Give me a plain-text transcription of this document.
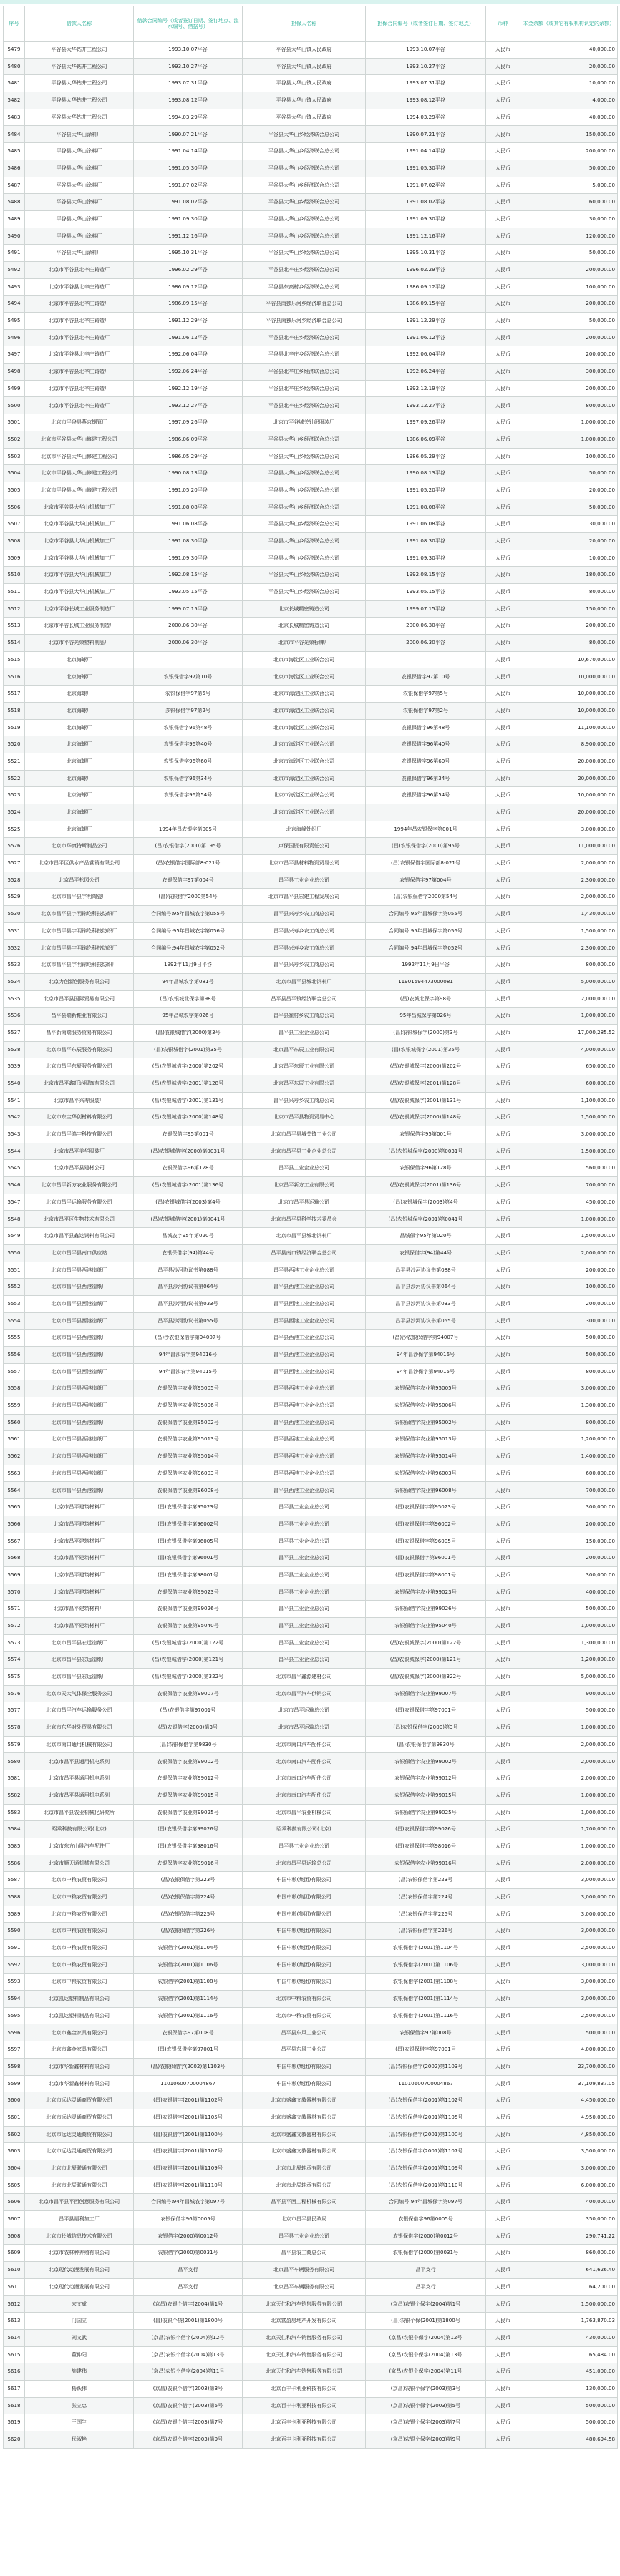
序号	借款人名称	借款合同编号（或者签订日期、签订地点、流水编号、借据号）	担保人名称	担保合同编号（或者签订日期、签订地点）	币种	本金余额（或其它有权机构认定的余额）
5479	平谷县大华钻井工程公司	1993.10.07平谷	平谷县大华山镇人民政府	1993.10.07平谷	人民币	40,000.00
5480	平谷县大华钻井工程公司	1993.10.27平谷	平谷县大华山镇人民政府	1993.10.27平谷	人民币	20,000.00
5481	平谷县大华钻井工程公司	1993.07.31平谷	平谷县大华山镇人民政府	1993.07.31平谷	人民币	10,000.00
5482	平谷县大华钻井工程公司	1993.08.12平谷	平谷县大华山镇人民政府	1993.08.12平谷	人民币	4,000.00
5483	平谷县大华钻井工程公司	1994.03.29平谷	平谷县大华山镇人民政府	1994.03.29平谷	人民币	40,000.00
5484	平谷县大华山涂料厂	1990.07.21平谷	平谷县大华山乡经济联合总公司	1990.07.21平谷	人民币	150,000.00
5485	平谷县大华山涂料厂	1991.04.14平谷	平谷县大华山乡经济联合总公司	1991.04.14平谷	人民币	200,000.00
5486	平谷县大华山涂料厂	1991.05.30平谷	平谷县大华山乡经济联合总公司	1991.05.30平谷	人民币	50,000.00
5487	平谷县大华山涂料厂	1991.07.02平谷	平谷县大华山乡经济联合总公司	1991.07.02平谷	人民币	5,000.00
5488	平谷县大华山涂料厂	1991.08.02平谷	平谷县大华山乡经济联合总公司	1991.08.02平谷	人民币	60,000.00
5489	平谷县大华山涂料厂	1991.09.30平谷	平谷县大华山乡经济联合总公司	1991.09.30平谷	人民币	30,000.00
5490	平谷县大华山涂料厂	1991.12.16平谷	平谷县大华山乡经济联合总公司	1991.12.16平谷	人民币	120,000.00
5491	平谷县大华山涂料厂	1995.10.31平谷	平谷县大华山乡经济联合总公司	1995.10.31平谷	人民币	50,000.00
5492	北京市平谷县北辛庄铸造厂	1996.02.29平谷	平谷县北辛庄乡经济联合总公司	1996.02.29平谷	人民币	200,000.00
5493	北京市平谷县北辛庄铸造厂	1986.09.12平谷	平谷县东高村乡经济联合总公司	1986.09.12平谷	人民币	100,000.00
5494	北京市平谷县北辛庄铸造厂	1986.09.15平谷	平谷县南独乐河乡经济联合总公司	1986.09.15平谷	人民币	200,000.00
5495	北京市平谷县北辛庄铸造厂	1991.12.29平谷	平谷县南独乐河乡经济联合总公司	1991.12.29平谷	人民币	50,000.00
5496	北京市平谷县北辛庄铸造厂	1991.06.12平谷	平谷县北辛庄乡经济联合总公司	1991.06.12平谷	人民币	200,000.00
5497	北京市平谷县北辛庄铸造厂	1992.06.04平谷	平谷县北辛庄乡经济联合总公司	1992.06.04平谷	人民币	200,000.00
5498	北京市平谷县北辛庄铸造厂	1992.06.24平谷	平谷县北辛庄乡经济联合总公司	1992.06.24平谷	人民币	300,000.00
5499	北京市平谷县北辛庄铸造厂	1992.12.19平谷	平谷县北辛庄乡经济联合总公司	1992.12.19平谷	人民币	200,000.00
5500	北京市平谷县北辛庄铸造厂	1993.12.27平谷	平谷县北辛庄乡经济联合总公司	1993.12.27平谷	人民币	800,000.00
5501	北京市平谷县燕京钢管厂	1997.09.26平谷	北京市平谷城关针织服装厂	1997.09.26平谷	人民币	1,000,000.00
5502	北京市平谷县大华山修建工程公司	1986.06.09平谷	平谷县大华山乡经济联合总公司	1986.06.09平谷	人民币	1,000,000.00
5503	北京市平谷县大华山修建工程公司	1986.05.29平谷	平谷县大华山乡经济联合总公司	1986.05.29平谷	人民币	100,000.00
5504	北京市平谷县大华山修建工程公司	1990.08.13平谷	平谷县大华山乡经济联合总公司	1990.08.13平谷	人民币	50,000.00
5505	北京市平谷县大华山修建工程公司	1991.05.20平谷	平谷县大华山乡经济联合总公司	1991.05.20平谷	人民币	20,000.00
5506	北京市平谷县大华山机械加工厂	1991.08.08平谷	平谷县大华山乡经济联合总公司	1991.08.08平谷	人民币	50,000.00
5507	北京市平谷县大华山机械加工厂	1991.06.08平谷	平谷县大华山乡经济联合总公司	1991.06.08平谷	人民币	30,000.00
5508	北京市平谷县大华山机械加工厂	1991.08.30平谷	平谷县大华山乡经济联合总公司	1991.08.30平谷	人民币	20,000.00
5509	北京市平谷县大华山机械加工厂	1991.09.30平谷	平谷县大华山乡经济联合总公司	1991.09.30平谷	人民币	10,000.00
5510	北京市平谷县大华山机械加工厂	1992.08.15平谷	平谷县大华山乡经济联合总公司	1992.08.15平谷	人民币	180,000.00
5511	北京市平谷县大华山机械加工厂	1993.05.15平谷	平谷县大华山乡经济联合总公司	1993.05.15平谷	人民币	80,000.00
5512	北京市平谷长城工业服务制造厂	1999.07.15平谷	北京长城精密铸造公司	1999.07.15平谷	人民币	150,000.00
5513	北京市平谷长城工业服务制造厂	2000.06.30平谷	北京长城精密铸造公司	2000.06.30平谷	人民币	200,000.00
5514	北京市平谷光荣塑料制品厂	2000.06.30平谷	北京市平谷光荣标牌厂	2000.06.30平谷	人民币	80,000.00
5515	北京海螺厂		北京市海淀区工业联合公司		人民币	10,670,000.00
5516	北京海螺厂	农银保借字97第10号	北京市海淀区工业联合公司	农银保借字97第10号	人民币	10,000,000.00
5517	北京海螺厂	农银保借字97第5号	北京市海淀区工业联合公司	农银保借字97第5号	人民币	10,000,000.00
5518	北京海螺厂	多银保借字97第2号	北京市海淀区工业联合公司	农银保借字97第2号	人民币	10,000,000.00
5519	北京海螺厂	农银保借字96第48号	北京市海淀区工业联合公司	农银保借字96第48号	人民币	11,100,000.00
5520	北京海螺厂	农银保借字96第40号	北京市海淀区工业联合公司	农银保借字96第40号	人民币	8,900,000.00
5521	北京海螺厂	农银保借字96第60号	北京市海淀区工业联合公司	农银保借字96第60号	人民币	20,000,000.00
5522	北京海螺厂	农银保借字96第34号	北京市海淀区工业联合公司	农银保借字96第34号	人民币	20,000,000.00
5523	北京海螺厂	农银保借字96第54号	北京市海淀区工业联合公司	农银保借字96第54号	人民币	10,000,000.00
5524	北京海螺厂		北京市海淀区工业联合公司		人民币	20,000,000.00
5525	北京海螺厂	1994年昌农银字第005号	北京海峰针织厂	1994年昌农银保字第001号	人民币	3,000,000.00
5526	北京市华康特斯制品公司	(昌)农银借字(2000)第195号	卢保国资有限责任公司	(昌)农银保借字(2000)第95号	人民币	11,000,000.00
5527	北京市昌平区供水产品营销有限公司	(昌)农银借字国际部8-021号	北京市昌平县材料物资贸易公司	(昌)农银保借字国际部8-021号	人民币	2,000,000.00
5528	北京昌平松园公司	农银保借字97第004号	昌平县工业企业总公司	农银保借字97第004号	人民币	2,300,000.00
5529	北京市昌平县宇明陶瓷厂	(昌)农银借字2000第54号	北京市昌平县宏建工程发展公司	(昌)农银保借字2000第54号	人民币	2,000,000.00
5530	北京市昌平县宇明锦纶科技纺织厂	合同编号:95年昌城农字第055号	昌平县兴寿乡农工商总公司	合同编号:95年昌城保字第055号	人民币	1,430,000.00
5531	北京市昌平县宇明锦纶科技纺织厂	合同编号:95年昌城农字第056号	昌平县兴寿乡农工商总公司	合同编号:95年昌城保字第056号	人民币	1,500,000.00
5532	北京市昌平县宇明锦纶科技纺织厂	合同编号:94年昌城农字第052号	昌平县兴寿乡农工商总公司	合同编号:94年昌城保字第052号	人民币	2,300,000.00
5533	北京市昌平县宇明锦纶科技纺织厂	1992年11月9日平谷	昌平县兴寿乡农工商总公司	1992年11月9日平谷	人民币	800,000.00
5534	北京力创新创服务有限公司	94年昌城农字第081号	北京市昌平县城北饲料厂	11901594473000081	人民币	5,000,000.00
5535	北京市昌平县国际贸易有限公司	(昌)农银城北保字第98号	昌平县昌平镇经济联合总公司	(昌)农城北保字第98号	人民币	2,000,000.00
5536	昌平县瑞新鞋业有限公司	95年昌城农字第026号	昌平县崔村乡农工商总公司	95年昌城保字第026号	人民币	1,000,000.00
5537	昌平新南瑞服务贸易有限公司	(昌)农银城借字(2000)第3号	昌平县工业企业总公司	(昌)农银城保字(2000)第3号	人民币	17,000,285.52
5538	北京市昌平东辰服务有限公司	(昌)农银城借字(2001)第35号	北京昌平东辰工业有限公司	(昌)农银城保字(2001)第35号	人民币	4,000,000.00
5539	北京市昌平东辰服务有限公司	(昌)农银城借字(2000)第202号	北京昌平东辰工业有限公司	(昌)农银城保字(2000)第202号	人民币	650,000.00
5540	北京市昌平鑫旺达服饰有限公司	(昌)农银城借字(2001)第128号	北京昌平东辰工业有限公司	(昌)农银城保字(2001)第128号	人民币	600,000.00
5541	北京市昌平兴寿服装厂	(昌)农银城借字(2001)第131号	昌平县兴寿乡农工商总公司	(昌)农银城保字(2001)第131号	人民币	1,100,000.00
5542	北京市东宝华创材料有限公司	(昌)农银城借字(2000)第148号	北京市昌平县物资贸易中心	(昌)农银城保字(2000)第148号	人民币	1,500,000.00
5543	北京市昌平鸿宇科技有限公司	农银保借字95第001号	北京市昌平县城关镇工业公司	农银保借字95第001号	人民币	3,000,000.00
5544	北京市昌平美华服装厂	(昌)农银城借字(2000)第0031号	北京市昌平县工业企业总公司	(昌)农银城保字(2000)第0031号	人民币	1,500,000.00
5545	北京市昌平县建材公司	农银保借字96第128号	昌平县工业企业总公司	农银保借字96第128号	人民币	560,000.00
5546	北京市昌平新方农业服务有限公司	(昌)农银城借字(2001)第136号	北京昌平新方工业有限公司	(昌)农银城保字(2001)第136号	人民币	700,000.00
5547	北京市昌平运输服务有限公司	(昌)农银城借字(2003)第4号	北京市昌平县运输公司	(昌)农银城保字(2003)第4号	人民币	450,000.00
5548	北京市昌平区生物技术有限公司	(昌)农银城借字(2001)第0041号	北京市昌平县科学技术委员会	(昌)农银城保字(2001)第0041号	人民币	1,000,000.00
5549	北京市昌平县鑫达饲料有限公司	昌城农字95年第020号	北京市昌平县城北饲料厂	昌城保字95年第020号	人民币	1,500,000.00
5550	北京市昌平县南口供应站	农银保借字(94)第44号	昌平县南口镇经济联合总公司	农银保借字(94)第44号	人民币	2,000,000.00
5551	北京市昌平县西港造纸厂	昌平县沙河协议书第088号	昌平县西港工业企业总公司	昌平县沙河协议书第088号	人民币	200,000.00
5552	北京市昌平县西港造纸厂	昌平县沙河协议书第064号	昌平县西港工业企业总公司	昌平县沙河协议书第064号	人民币	100,000.00
5553	北京市昌平县西港造纸厂	昌平县沙河协议书第033号	昌平县西港工业企业总公司	昌平县沙河协议书第033号	人民币	200,000.00
5554	北京市昌平县西港造纸厂	昌平县沙河协议书第055号	昌平县西港工业企业总公司	昌平县沙河协议书第055号	人民币	300,000.00
5555	北京市昌平县西港造纸厂	(昌)沙农银保借字第94007号	昌平县西港工业企业总公司	(昌)沙农银保借字第94007号	人民币	500,000.00
5556	北京市昌平县西港造纸厂	94年昌沙农字第94016号	昌平县西港工业企业总公司	94年昌沙保字第94016号	人民币	500,000.00
5557	北京市昌平县西港造纸厂	94年昌沙农字第94015号	昌平县西港工业企业总公司	94年昌沙保字第94015号	人民币	800,000.00
5558	北京市昌平县西港造纸厂	农银保借字农业第95005号	昌平县西港工业企业总公司	农银保借字农业第95005号	人民币	3,000,000.00
5559	北京市昌平县西港造纸厂	农银保借字农业第95006号	昌平县西港工业企业总公司	农银保借字农业第95006号	人民币	1,300,000.00
5560	北京市昌平县西港造纸厂	农银保借字农业第95002号	昌平县西港工业企业总公司	农银保借字农业第95002号	人民币	800,000.00
5561	北京市昌平县西港造纸厂	农银保借字农业第95013号	昌平县西港工业企业总公司	农银保借字农业第95013号	人民币	1,200,000.00
5562	北京市昌平县西港造纸厂	农银保借字农业第95014号	昌平县西港工业企业总公司	农银保借字农业第95014号	人民币	1,400,000.00
5563	北京市昌平县西港造纸厂	农银保借字农业第96003号	昌平县西港工业企业总公司	农银保借字农业第96003号	人民币	600,000.00
5564	北京市昌平县西港造纸厂	农银保借字农业第96008号	昌平县西港工业企业总公司	农银保借字农业第96008号	人民币	700,000.00
5565	北京市昌平建筑材料厂	(昌)农银保借字第95023号	昌平县工业企业总公司	(昌)农银保借字第95023号	人民币	300,000.00
5566	北京市昌平建筑材料厂	(昌)农银保借字第96002号	昌平县工业企业总公司	(昌)农银保借字第96002号	人民币	200,000.00
5567	北京市昌平建筑材料厂	(昌)农银保借字第96005号	昌平县工业企业总公司	(昌)农银保借字第96005号	人民币	150,000.00
5568	北京市昌平建筑材料厂	(昌)农银保借字第96001号	昌平县工业企业总公司	(昌)农银保借字第96001号	人民币	200,000.00
5569	北京市昌平建筑材料厂	(昌)农银保借字第98001号	昌平县工业企业总公司	(昌)农银保借字第98001号	人民币	300,000.00
5570	北京市昌平建筑材料厂	农银保借字农业第99023号	昌平县工业企业总公司	农银保借字农业第99023号	人民币	400,000.00
5571	北京市昌平建筑材料厂	农银保借字农业第99026号	昌平县工业企业总公司	农银保借字农业第99026号	人民币	500,000.00
5572	北京市昌平建筑材料厂	农银保借字农业第95040号	昌平县工业企业总公司	农银保借字农业第95040号	人民币	1,000,000.00
5573	北京市昌平县宏远造纸厂	(昌)农银城借字(2000)第122号	昌平县工业企业总公司	(昌)农银城保字(2000)第122号	人民币	1,300,000.00
5574	北京市昌平县宏远造纸厂	(昌)农银城借字(2000)第121号	昌平县工业企业总公司	(昌)农银城保字(2000)第121号	人民币	1,200,000.00
5575	北京市昌平县宏远造纸厂	(昌)农银城借字(2000)第322号	北京市昌平鑫源建材公司	(昌)农银城保字(2000)第322号	人民币	5,000,000.00
5576	北京市天大气体保全服务公司	农银保借字农业第99007号	北京市昌平汽车供销公司	农银保借字农业第99007号	人民币	900,000.00
5577	北京市昌平汽车运输服务公司	(昌)农银借字第97001号	北京市昌平运输总公司	(昌)农银保借字第97001号	人民币	500,000.00
5578	北京市东华对外贸易有限公司	(昌)农银借字(2000)第3号	北京市昌平运输总公司	(昌)农银保借字(2000)第3号	人民币	1,000,000.00
5579	北京市南口通用机械有限公司	(昌)农银保借字第9830号	北京市南口汽车配件公司	(昌)农银保借字第9830号	人民币	2,000,000.00
5580	北京市昌平县通用机电系列	农银保借字农业第99002号	北京市南口汽车配件公司	农银保借字农业第99002号	人民币	2,000,000.00
5581	北京市昌平县通用机电系列	农银保借字农业第99012号	北京市南口汽车配件公司	农银保借字农业第99012号	人民币	2,000,000.00
5582	北京市昌平县通用机电系列	农银保借字农业第99015号	北京市南口汽车配件公司	农银保借字农业第99015号	人民币	1,000,000.00
5583	北京市昌平县农业机械化研究所	农银保借字农业第99025号	北京市昌平农业机械公司	农银保借字农业第99025号	人民币	1,000,000.00
5584	昭乘科技有限公司(北京)	(昌)农银保借字第99026号	昭乘科技有限公司(北京)	(昌)农银保借字第99026号	人民币	1,700,000.00
5585	北京市东方山胜汽车配件厂	(昌)农银保借字第98016号	昌平县工业企业总公司	(昌)农银保借字第98016号	人民币	1,000,000.00
5586	北京市顺天通机械有限公司	农银保借字农业第99016号	北京市昌平县运输总公司	农银保借字农业第99016号	人民币	2,000,000.00
5587	北京市中粮农贸有限公司	(昌)农银保借字第223号	中国中粮(集团)有限公司	(昌)农银保借字第223号	人民币	3,000,000.00
5588	北京市中粮农贸有限公司	(昌)农银保借字第224号	中国中粮(集团)有限公司	(昌)农银保借字第224号	人民币	3,000,000.00
5589	北京市中粮农贸有限公司	(昌)农银保借字第225号	中国中粮(集团)有限公司	(昌)农银保借字第225号	人民币	3,000,000.00
5590	北京市中粮农贸有限公司	(昌)农银保借字第226号	中国中粮(集团)有限公司	(昌)农银保借字第226号	人民币	3,000,000.00
5591	北京市中粮农贸有限公司	农银借字(2001)第1104号	中国中粮(集团)有限公司	农银保借字(2001)第1104号	人民币	2,500,000.00
5592	北京市中粮农贸有限公司	农银借字(2001)第1106号	中国中粮(集团)有限公司	农银保借字(2001)第1106号	人民币	3,000,000.00
5593	北京市中粮农贸有限公司	农银借字(2001)第1108号	中国中粮(集团)有限公司	农银保借字(2001)第1108号	人民币	3,000,000.00
5594	北京凯达塑料制品有限公司	农银借字(2001)第1114号	北京市中粮农贸有限公司	农银保借字(2001)第1114号	人民币	3,000,000.00
5595	北京凯达塑料制品有限公司	农银借字(2001)第1116号	北京市中粮农贸有限公司	农银保借字(2001)第1116号	人民币	2,500,000.00
5596	北京市鑫金家具有限公司	农银保借字97第008号	昌平县东风工业公司	农银保借字97第008号	人民币	500,000.00
5597	北京市鑫金家具有限公司	(昌)农银保借字第97001号	昌平县东风工业公司	(昌)农银保借字第97001号	人民币	4,000,000.00
5598	北京市华新鑫材料有限公司	(昌)农银保借字(2002)第1103号	中国中粮(集团)有限公司	(昌)农银保借字(2002)第1103号	人民币	23,700,000.00
5599	北京市华新鑫材料有限公司	11010600700004867	中国中粮(集团)有限公司	11010600700004867	人民币	37,109,837.05
5600	北京市远达灵通商贸有限公司	(昌)农银借字(2001)第1102号	北京市盛鑫文教器材有限公司	(昌)农银保借字(2001)第1102号	人民币	4,450,000.00
5601	北京市远达灵通商贸有限公司	(昌)农银借字(2001)第1105号	北京市盛鑫文教器材有限公司	(昌)农银保借字(2001)第1105号	人民币	4,950,000.00
5602	北京市远达灵通商贸有限公司	(昌)农银借字(2001)第1100号	北京市盛鑫文教器材有限公司	(昌)农银保借字(2001)第1100号	人民币	4,850,000.00
5603	北京市远达灵通商贸有限公司	(昌)农银借字(2001)第1107号	北京市盛鑫文教器材有限公司	(昌)农银保借字(2001)第1107号	人民币	3,500,000.00
5604	北京市北辰联通有限公司	(昌)农银借字(2001)第1109号	北京市北辰轴承有限公司	(昌)农银保借字(2001)第1109号	人民币	3,000,000.00
5605	北京市北辰联通有限公司	(昌)农银借字(2001)第1110号	北京市北辰轴承有限公司	(昌)农银保借字(2001)第1110号	人民币	6,000,000.00
5606	北京市昌平县平西创意服务有限公司	合同编号:94年昌城农字第097号	昌平县平西工程机械有限公司	合同编号:94年昌城保字第097号	人民币	400,000.00
5607	昌平县福利加工厂	农银保借字96第0005号	北京市昌平县民政局	农银保借字96第0005号	人民币	350,000.00
5608	北京市长城信息技术有限公司	农银借字(2000)第0012号	昌平县工业企业总公司	农银保借字(2000)第0012号	人民币	290,741.22
5609	北京市农林种养殖有限公司	农银借字(2000)第0031号	昌平县农工商总公司	农银保借字(2000)第0031号	人民币	860,000.00
5610	北京现代动漫发展有限公司	昌平支行	北京昌平车辆服务有限公司	昌平支行	人民币	641,626.40
5611	北京现代动漫发展有限公司	昌平支行	北京昌平车辆服务有限公司	昌平支行	人民币	64,200.00
5612	宋文成	(京昌)农银个借字(2004)第1号	北京天仁和汽车销售服务有限公司	(京昌)农银个保字(2004)第1号	人民币	1,500,000.00
5613	门国立	(昌)农银个贷(2001)第1800号	北京富盈房地产开发有限公司	(昌)农银个保(2001)第1800号	人民币	1,763,870.03
5614	刘文武	(京昌)农银个借字(2004)第12号	北京天仁和汽车销售服务有限公司	(京昌)农银个保字(2004)第12号	人民币	430,000.00
5615	董仲阳	(京昌)农银个借字(2004)第13号	北京天仁和汽车销售服务有限公司	(京昌)农银个保字(2004)第13号	人民币	65,484.00
5616	施建伟	(京昌)农银个借字(2004)第11号	北京天仁和汽车销售服务有限公司	(京昌)农银个保字(2004)第11号	人民币	451,000.00
5617	杨跃伟	(京昌)农银个借字(2003)第3号	北京百丰卡利亚科技有限公司	(京昌)农银个保字(2003)第3号	人民币	130,000.00
5618	张立忠	(京昌)农银个借字(2003)第5号	北京百丰卡利亚科技有限公司	(京昌)农银个保字(2003)第5号	人民币	500,000.00
5619	王国生	(京昌)农银个借字(2003)第7号	北京百丰卡利亚科技有限公司	(京昌)农银个保字(2003)第7号	人民币	500,000.00
5620	代淑艳	(京昌)农银个借字(2003)第9号	北京百丰卡利亚科技有限公司	(京昌)农银个保字(2003)第9号	人民币	480,694.58
